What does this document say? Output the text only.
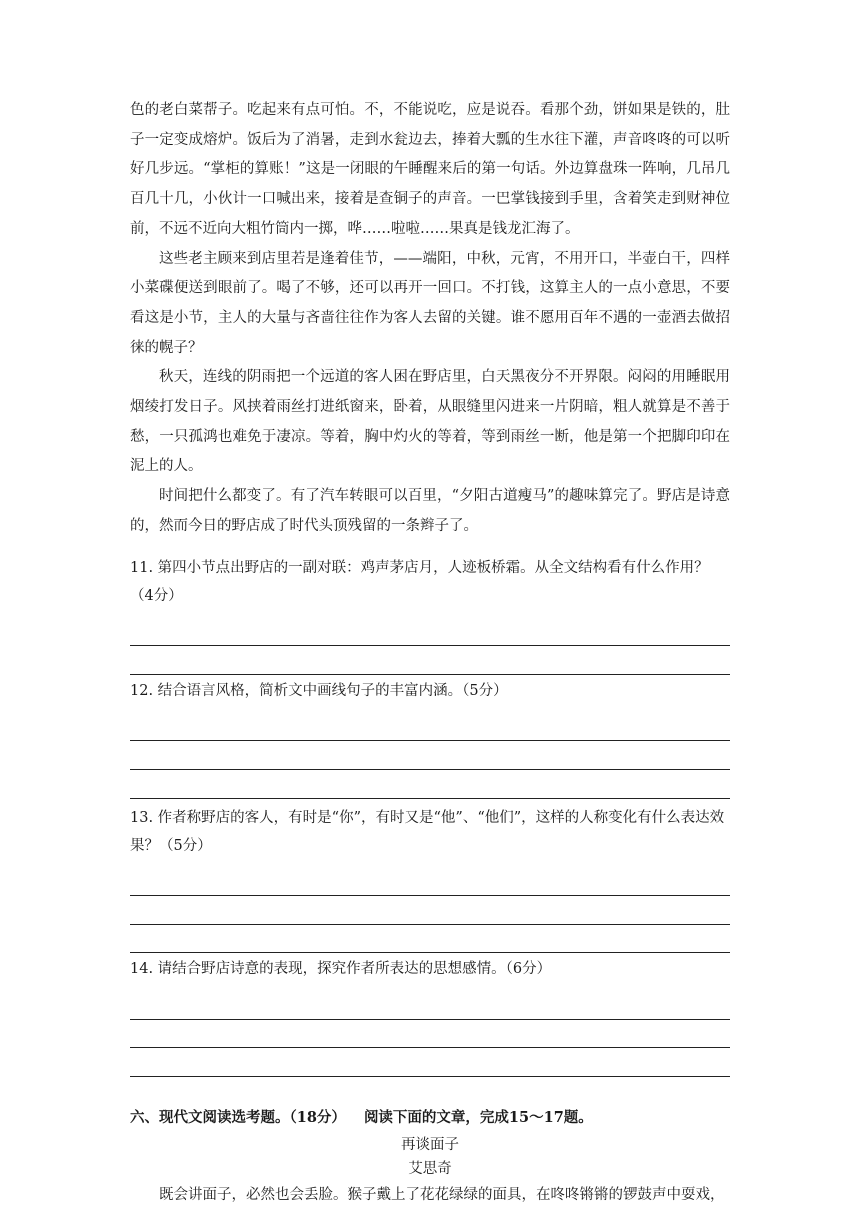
色的老白菜帮子。吃起来有点可怕。不，不能说吃，应是说吞。看那个劲，饼如果是铁的，肚子一定变成熔炉。饭后为了消暑，走到水瓮边去，捧着大瓢的生水往下灌，声音咚咚的可以听好几步远。“掌柜的算账！”这是一闭眼的午睡醒来后的第一句话。外边算盘珠一阵响，几吊几百几十几，小伙计一口喊出来，接着是查铜子的声音。一巴掌钱接到手里，含着笑走到财神位前，不远不近向大粗竹筒内一掷，哗……啦啦……果真是钱龙汇海了。

这些老主顾来到店里若是逢着佳节，——端阳，中秋，元宵，不用开口，半壶白干，四样小菜碟便送到眼前了。喝了不够，还可以再开一回口。不打钱，这算主人的一点小意思，不要看这是小节，主人的大量与吝啬往往作为客人去留的关键。谁不愿用百年不遇的一壶酒去做招徕的幌子？

秋天，连线的阴雨把一个远道的客人困在野店里，白天黑夜分不开界限。闷闷的用睡眠用烟绫打发日子。风挟着雨丝打进纸窗来，卧着，从眼缝里闪进来一片阴暗，粗人就算是不善于愁，一只孤鸿也难免于凄凉。等着，胸中灼火的等着，等到雨丝一断，他是第一个把脚印印在泥上的人。

时间把什么都变了。有了汽车转眼可以百里，“夕阳古道瘦马”的趣味算完了。野店是诗意的，然而今日的野店成了时代头顶残留的一条辫子了。

11. 第四小节点出野店的一副对联：鸡声茅店月，人迹板桥霜。从全文结构看有什么作用？（4分）

12. 结合语言风格，简析文中画线句子的丰富内涵。（5分）

13. 作者称野店的客人，有时是“你”，有时又是“他”、“他们”，这样的人称变化有什么表达效果？（5分）

14. 请结合野店诗意的表现，探究作者所表达的思想感情。（6分）

六、现代文阅读选考题。（18分） 阅读下面的文章，完成15～17题。

再谈面子

艾思奇

既会讲面子，必然也会丢脸。猴子戴上了花花绿绿的面具，在咚咚锵锵的锣鼓声中耍戏，
